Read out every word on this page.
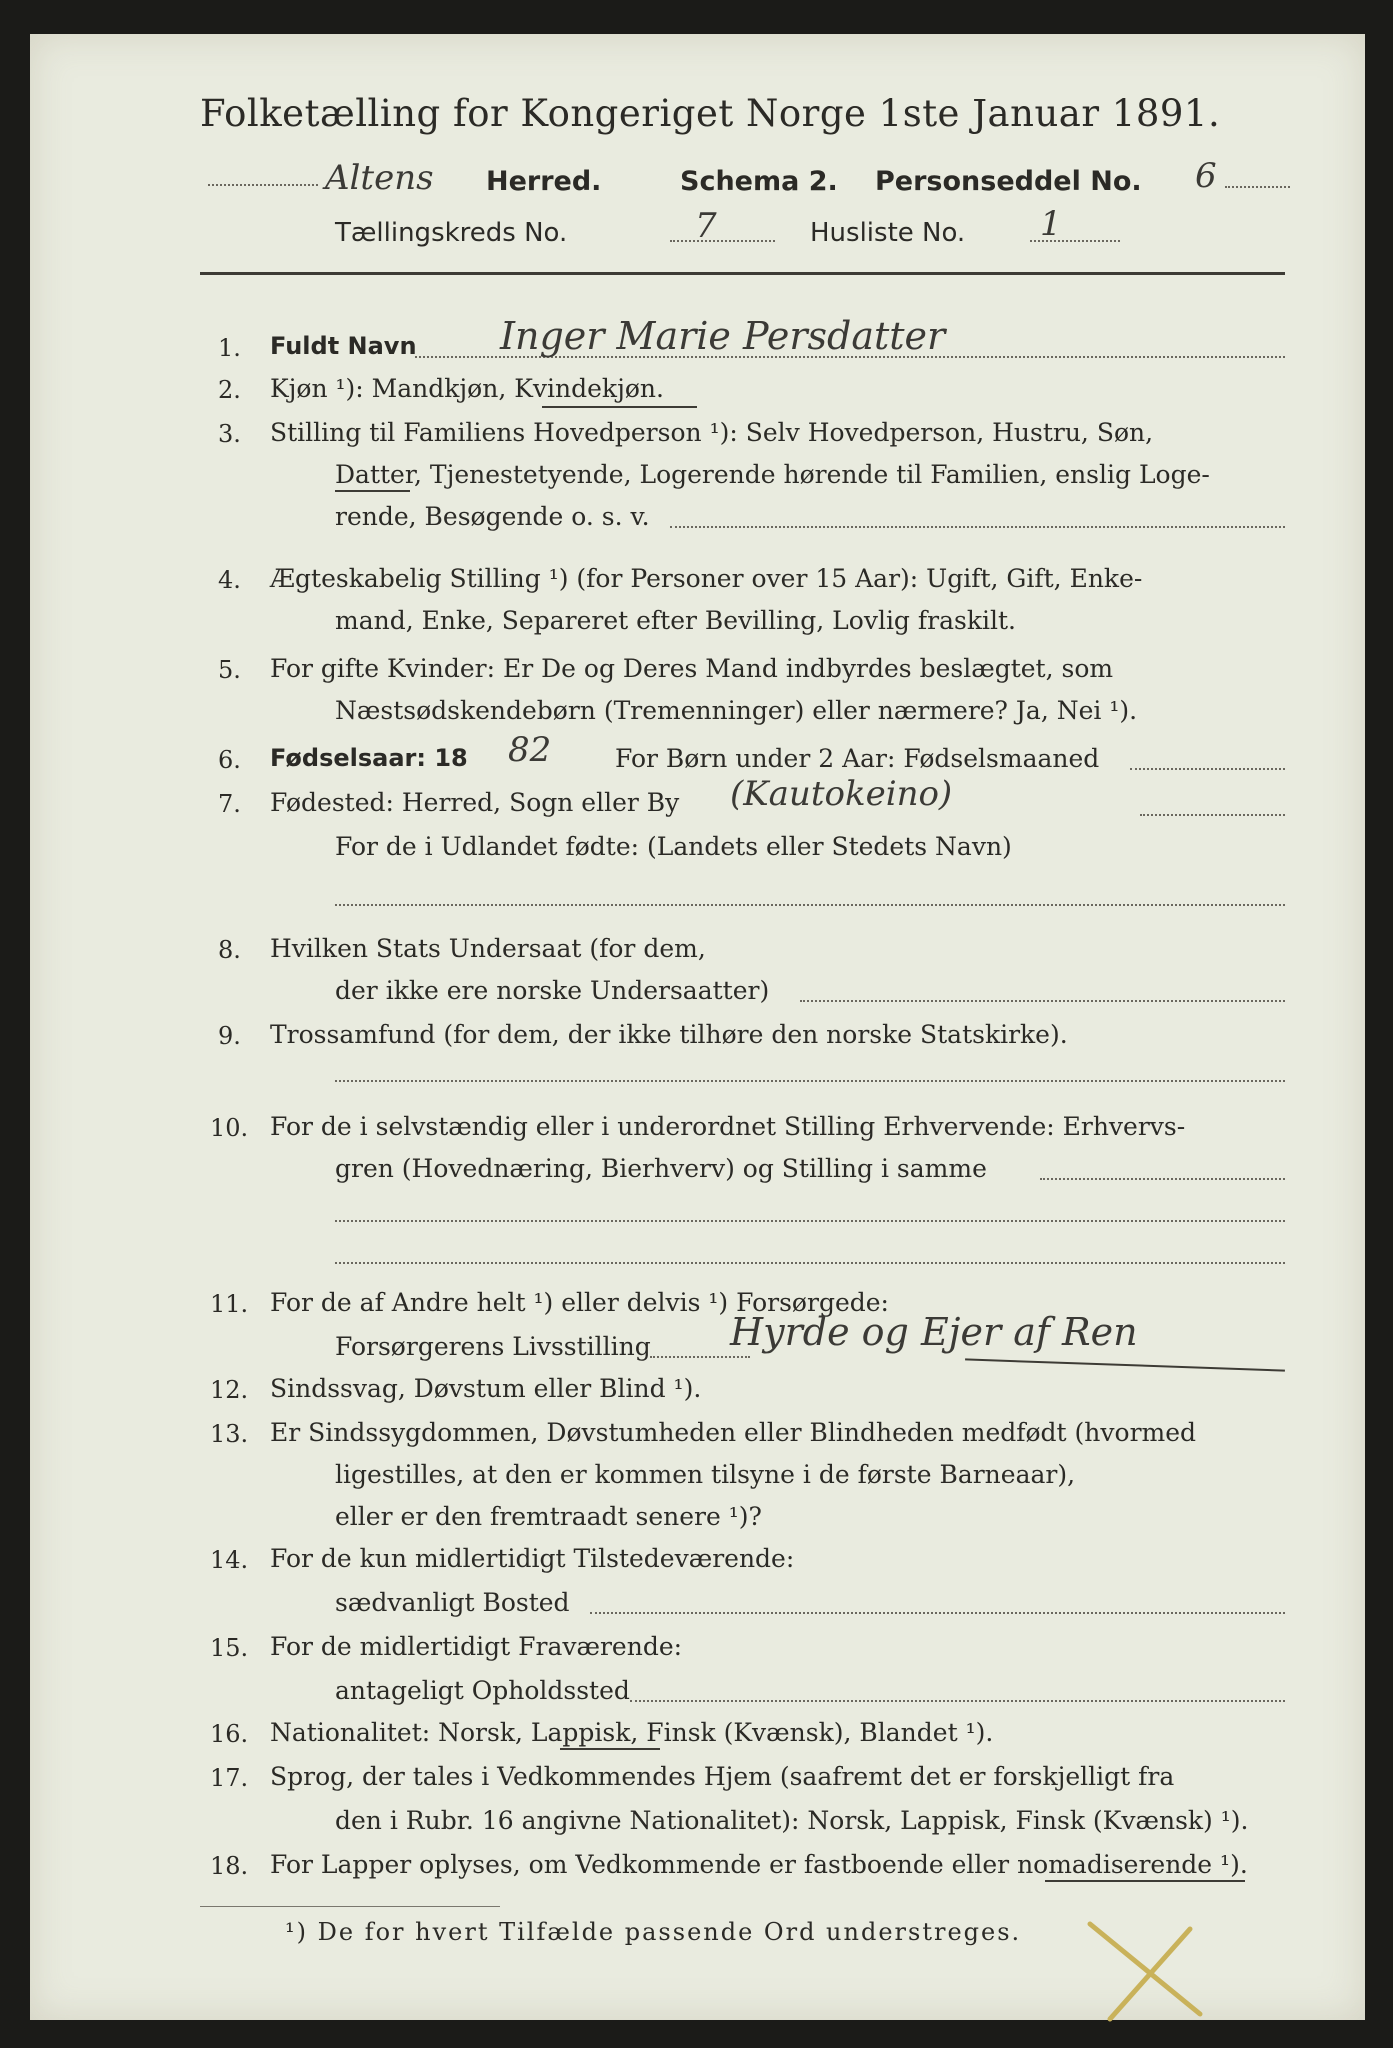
Folketælling for Kongeriget Norge 1ste Januar 1891.
Altens Herred.	Schema 2. Personseddel No. 6
Tællingskreds No.	7	Husliste No. 1
1. Fuldt Navn Inger Marie Persdatter
2. Kjøn ¹): Mandkjøn, Kvindekjøn.
3. Stilling til Familiens Hovedperson ¹): Selv Hovedperson, Hustru, Søn,
Datter, Tjenestetyende, Logerende hørende til Familien, enslig Loge-
rende, Besøgende o. s. v.
4. Ægteskabelig Stilling ¹) (for Personer over 15 Aar): Ugift, Gift, Enke-
mand, Enke, Separeret efter Bevilling, Lovlig fraskilt.
5. For gifte Kvinder: Er De og Deres Mand indbyrdes beslægtet, som
Næstsødskendebørn (Tremenninger) eller nærmere? Ja, Nei ¹).
6. Fødselsaar: 18 82	For Børn under 2 Aar: Fødselsmaaned
7. Fødested: Herred, Sogn eller By (Kautokeino)
For de i Udlandet fødte: (Landets eller Stedets Navn)
8. Hvilken Stats Undersaat (for dem,
der ikke ere norske Undersaatter)
9. Trossamfund (for dem, der ikke tilhøre den norske Statskirke).
10. For de i selvstændig eller i underordnet Stilling Erhvervende: Erhvervs-
gren (Hovednæring, Bierhverv) og Stilling i samme
11. For de af Andre helt ¹) eller delvis ¹) Forsørgede:
Forsørgerens Livsstilling Hyrde og Ejer af Ren
12. Sindssvag, Døvstum eller Blind ¹).
13. Er Sindssygdommen, Døvstumheden eller Blindheden medfødt (hvormed
ligestilles, at den er kommen tilsyne i de første Barneaar),
eller er den fremtraadt senere ¹)?
14. For de kun midlertidigt Tilstedeværende:
sædvanligt Bosted
15. For de midlertidigt Fraværende:
antageligt Opholdssted
16. Nationalitet: Norsk, Lappisk, Finsk (Kvænsk), Blandet ¹).
17. Sprog, der tales i Vedkommendes Hjem (saafremt det er forskjelligt fra
den i Rubr. 16 angivne Nationalitet): Norsk, Lappisk, Finsk (Kvænsk) ¹).
18. For Lapper oplyses, om Vedkommende er fastboende eller nomadiserende ¹).
¹) De for hvert Tilfælde passende Ord understreges.
